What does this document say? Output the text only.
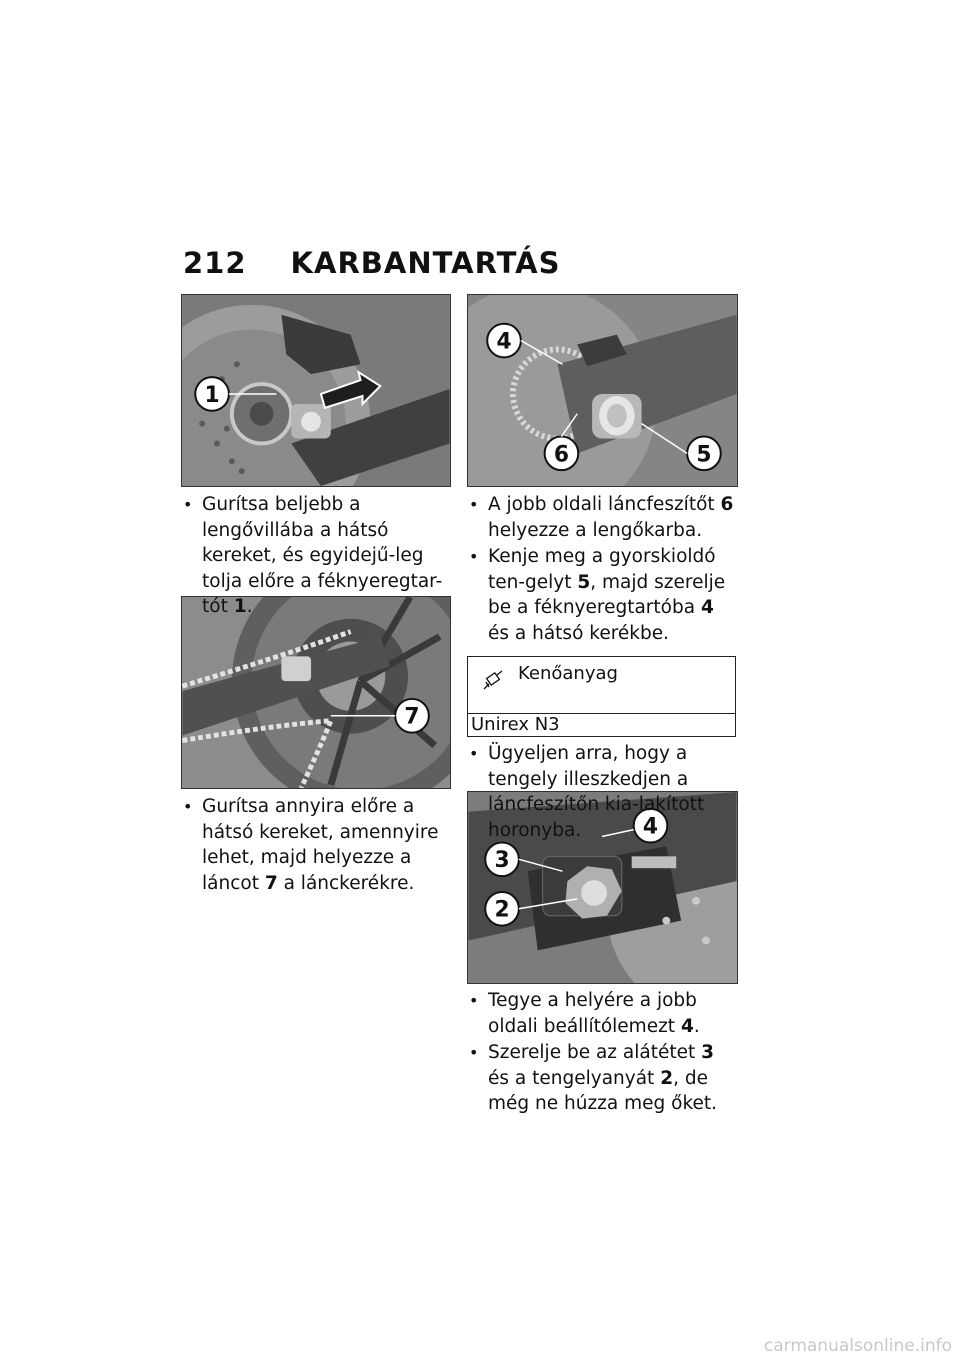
212 KARBANTARTÁS
1
7
4
6	5
4
3
2
• Gurítsa beljebb a lengővillába a hátsó kereket, és egyidejű-leg tolja előre a féknyeregtar-tót 1.
• Gurítsa annyira előre a hátsó kereket, amennyire lehet, majd helyezze a láncot 7 a lánckerékre.
• A jobb oldali láncfeszítőt 6 helyezze a lengőkarba.
• Kenje meg a gyorskioldó ten-gelyt 5, majd szerelje be a féknyeregtartóba 4 és a hátsó kerékbe.
Kenőanyag
Unirex N3
• Ügyeljen arra, hogy a tengely illeszkedjen a láncfeszítőn kia-lakított horonyba.
• Tegye a helyére a jobb oldali beállítólemezt 4.
• Szerelje be az alátétet 3 és a tengelyanyát 2, de még ne húzza meg őket.
carmanualsonline.info
